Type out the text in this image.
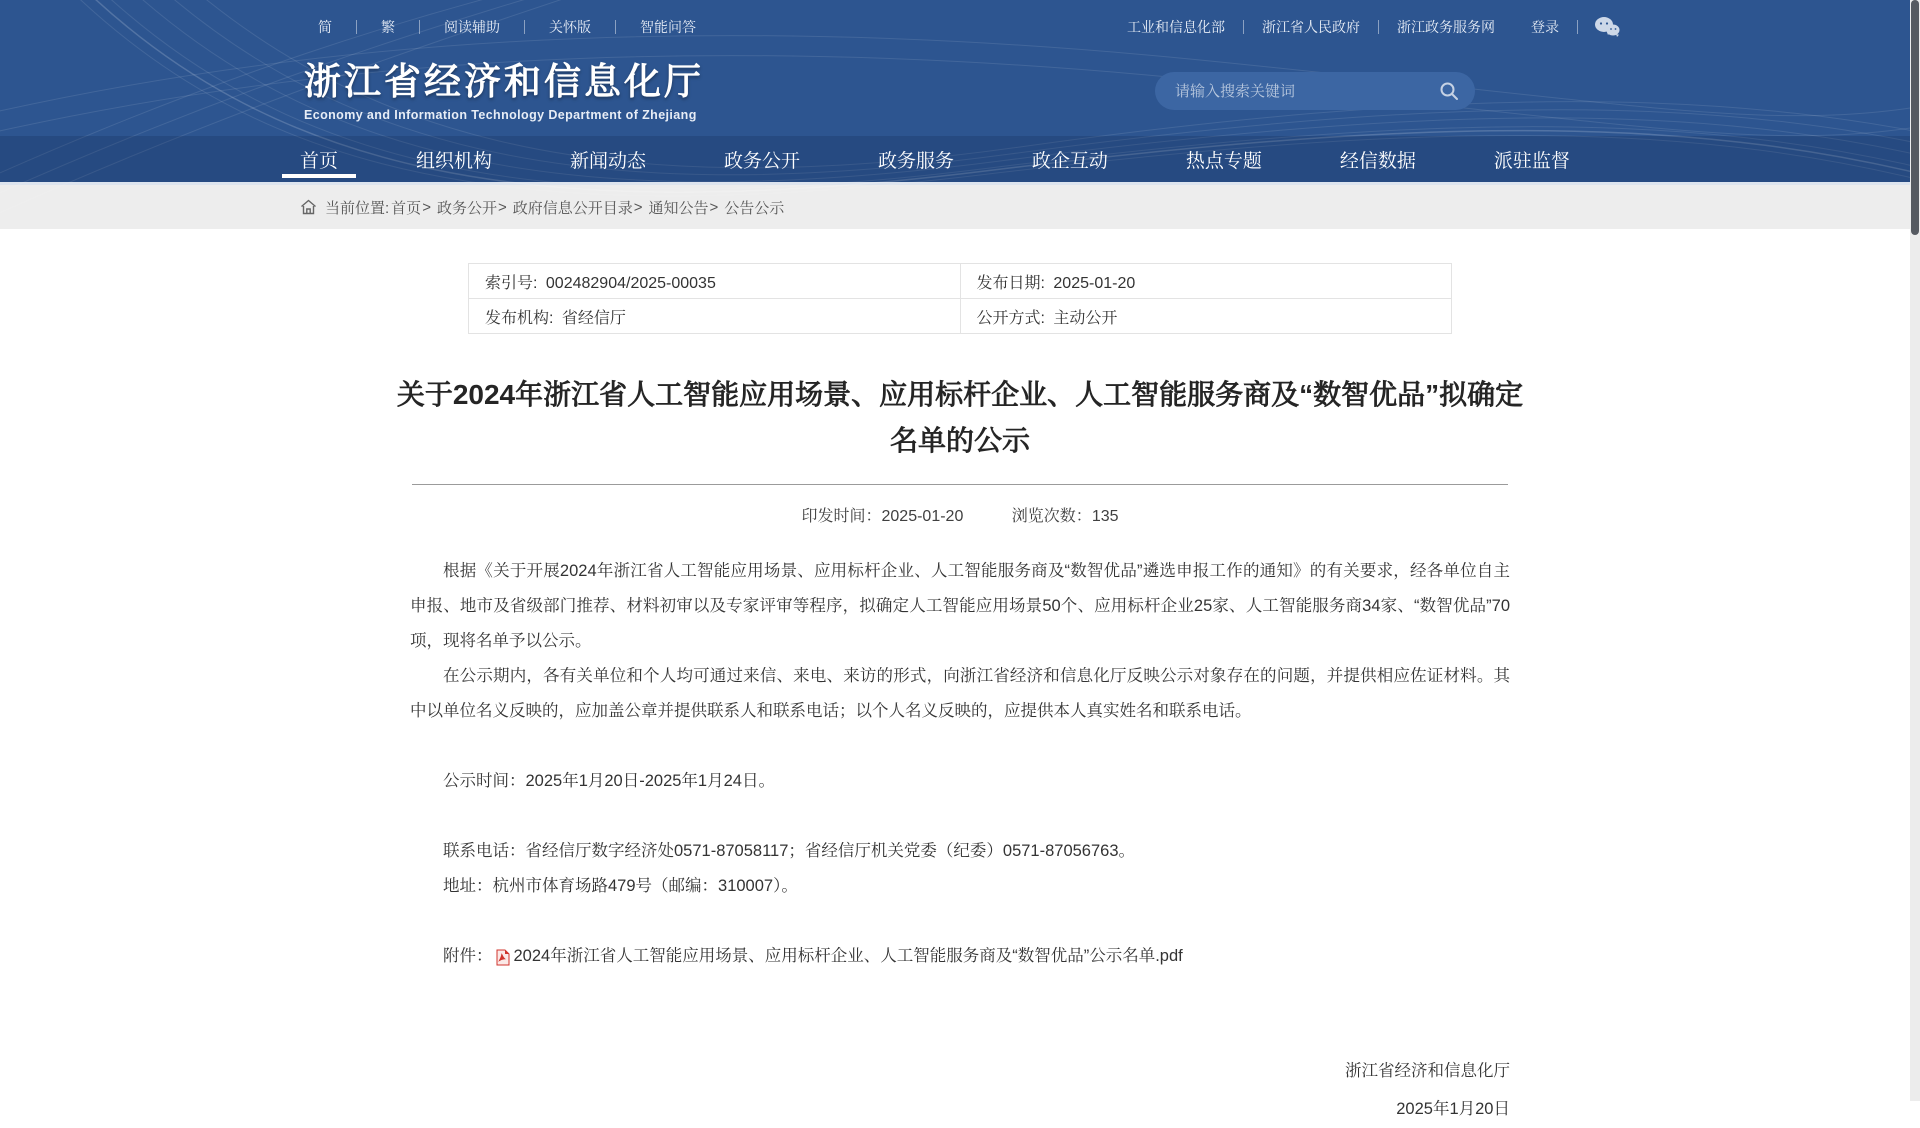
简	繁	阅读辅助	关怀版	智能问答	工业和信息化部	浙江省人民政府	浙江政务服务网	登录
浙江省经济和信息化厅
Economy and Information Technology Department of Zhejiang
请输入搜索关键词
首页	组织机构	新闻动态	政务公开	政务服务	政企互动	热点专题	经信数据	派驻监督
当前位置: 首页 > 政务公开 > 政府信息公开目录 > 通知公告 > 公告公示
索引号: 002482904/2025-00035	发布日期: 2025-01-20
发布机构: 省经信厅	公开方式: 主动公开
关于2024年浙江省人工智能应用场景、应用标杆企业、人工智能服务商及“数智优品”拟确定名单的公示
印发时间：2025-01-20	浏览次数：135

根据《关于开展2024年浙江省人工智能应用场景、应用标杆企业、人工智能服务商及“数智优品”遴选申报工作的通知》的有关要求，经各单位自主申报、地市及省级部门推荐、材料初审以及专家评审等程序，拟确定人工智能应用场景50个、应用标杆企业25家、人工智能服务商34家、“数智优品”70项，现将名单予以公示。

在公示期内，各有关单位和个人均可通过来信、来电、来访的形式，向浙江省经济和信息化厅反映公示对象存在的问题，并提供相应佐证材料。其中以单位名义反映的，应加盖公章并提供联系人和联系电话；以个人名义反映的，应提供本人真实姓名和联系电话。

公示时间：2025年1月20日-2025年1月24日。

联系电话：省经信厅数字经济处0571-87058117；省经信厅机关党委（纪委）0571-87056763。

地址：杭州市体育场路479号（邮编：310007）。

附件： 2024年浙江省人工智能应用场景、应用标杆企业、人工智能服务商及“数智优品”公示名单.pdf
浙江省经济和信息化厅
2025年1月20日
